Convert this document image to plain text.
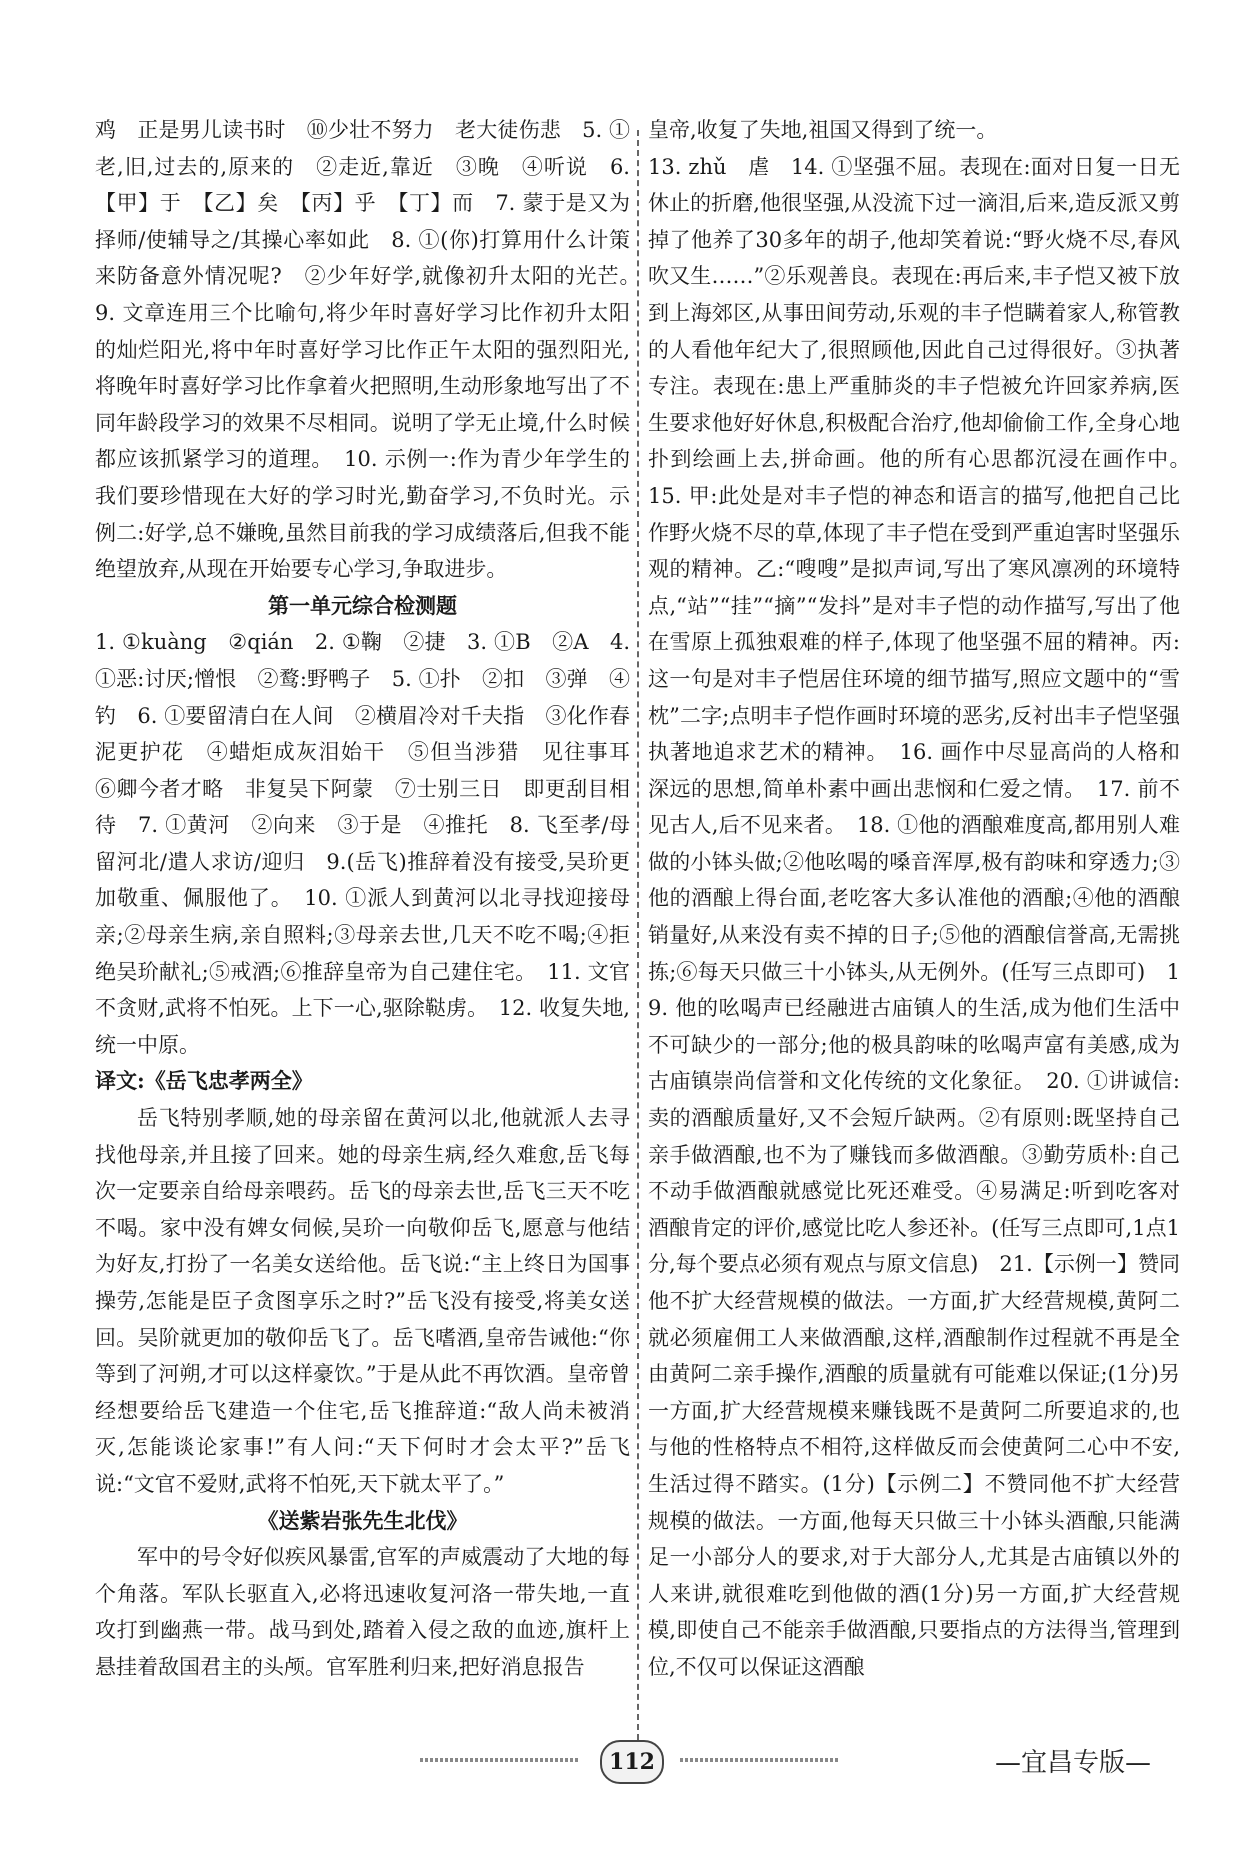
鸡　正是男儿读书时　⑩少壮不努力　老大徒伤悲　5. ①老,旧,过去的,原来的　②走近,靠近　③晚　④听说　6.【甲】于　【乙】矣　【丙】乎　【丁】而　7. 蒙于是又为择师/使辅导之/其操心率如此　8. ①(你)打算用什么计策来防备意外情况呢?　②少年好学,就像初升太阳的光芒。　9. 文章连用三个比喻句,将少年时喜好学习比作初升太阳的灿烂阳光,将中年时喜好学习比作正午太阳的强烈阳光,将晚年时喜好学习比作拿着火把照明,生动形象地写出了不同年龄段学习的效果不尽相同。说明了学无止境,什么时候都应该抓紧学习的道理。　10. 示例一:作为青少年学生的我们要珍惜现在大好的学习时光,勤奋学习,不负时光。示例二:好学,总不嫌晚,虽然目前我的学习成绩落后,但我不能绝望放弃,从现在开始要专心学习,争取进步。

第一单元综合检测题

1. ①kuàng　②qián　2. ①鞠　②捷　3. ①B　②A　4. ①恶:讨厌;憎恨　②鹜:野鸭子　5. ①扑　②扣　③弹　④钓　6. ①要留清白在人间　②横眉冷对千夫指　③化作春泥更护花　④蜡炬成灰泪始干　⑤但当涉猎　见往事耳　⑥卿今者才略　非复吴下阿蒙　⑦士别三日　即更刮目相待　7. ①黄河　②向来　③于是　④推托　8. 飞至孝/母留河北/遣人求访/迎归　9.(岳飞)推辞着没有接受,吴玠更加敬重、佩服他了。　10. ①派人到黄河以北寻找迎接母亲;②母亲生病,亲自照料;③母亲去世,几天不吃不喝;④拒绝吴玠献礼;⑤戒酒;⑥推辞皇帝为自己建住宅。　11. 文官不贪财,武将不怕死。上下一心,驱除鞑虏。　12. 收复失地,统一中原。

译文:《岳飞忠孝两全》

岳飞特别孝顺,她的母亲留在黄河以北,他就派人去寻找他母亲,并且接了回来。她的母亲生病,经久难愈,岳飞每次一定要亲自给母亲喂药。岳飞的母亲去世,岳飞三天不吃不喝。家中没有婢女伺候,吴玠一向敬仰岳飞,愿意与他结为好友,打扮了一名美女送给他。岳飞说:“主上终日为国事操劳,怎能是臣子贪图享乐之时?”岳飞没有接受,将美女送回。吴阶就更加的敬仰岳飞了。岳飞嗜酒,皇帝告诫他:“你等到了河朔,才可以这样豪饮。”于是从此不再饮酒。皇帝曾经想要给岳飞建造一个住宅,岳飞推辞道:“敌人尚未被消灭,怎能谈论家事!”有人问:“天下何时才会太平?”岳飞说:“文官不爱财,武将不怕死,天下就太平了。”

《送紫岩张先生北伐》

军中的号令好似疾风暴雷,官军的声威震动了大地的每个角落。军队长驱直入,必将迅速收复河洛一带失地,一直攻打到幽燕一带。战马到处,踏着入侵之敌的血迹,旗杆上悬挂着敌国君主的头颅。官军胜利归来,把好消息报告

皇帝,收复了失地,祖国又得到了统一。

13. zhǔ　虐　14. ①坚强不屈。表现在:面对日复一日无休止的折磨,他很坚强,从没流下过一滴泪,后来,造反派又剪掉了他养了30多年的胡子,他却笑着说:“野火烧不尽,春风吹又生……”②乐观善良。表现在:再后来,丰子恺又被下放到上海郊区,从事田间劳动,乐观的丰子恺瞒着家人,称管教的人看他年纪大了,很照顾他,因此自己过得很好。③执著专注。表现在:患上严重肺炎的丰子恺被允许回家养病,医生要求他好好休息,积极配合治疗,他却偷偷工作,全身心地扑到绘画上去,拼命画。他的所有心思都沉浸在画作中。　15. 甲:此处是对丰子恺的神态和语言的描写,他把自己比作野火烧不尽的草,体现了丰子恺在受到严重迫害时坚强乐观的精神。乙:“嗖嗖”是拟声词,写出了寒风凛冽的环境特点,“站”“挂”“摘”“发抖”是对丰子恺的动作描写,写出了他在雪原上孤独艰难的样子,体现了他坚强不屈的精神。丙:这一句是对丰子恺居住环境的细节描写,照应文题中的“雪枕”二字;点明丰子恺作画时环境的恶劣,反衬出丰子恺坚强执著地追求艺术的精神。　16. 画作中尽显高尚的人格和深远的思想,简单朴素中画出悲悯和仁爱之情。　17. 前不见古人,后不见来者。　18. ①他的酒酿难度高,都用别人难做的小钵头做;②他吆喝的嗓音浑厚,极有韵味和穿透力;③他的酒酿上得台面,老吃客大多认准他的酒酿;④他的酒酿销量好,从来没有卖不掉的日子;⑤他的酒酿信誉高,无需挑拣;⑥每天只做三十小钵头,从无例外。(任写三点即可)　19. 他的吆喝声已经融进古庙镇人的生活,成为他们生活中不可缺少的一部分;他的极具韵味的吆喝声富有美感,成为古庙镇崇尚信誉和文化传统的文化象征。　20. ①讲诚信:卖的酒酿质量好,又不会短斤缺两。②有原则:既坚持自己亲手做酒酿,也不为了赚钱而多做酒酿。③勤劳质朴:自己不动手做酒酿就感觉比死还难受。④易满足:听到吃客对酒酿肯定的评价,感觉比吃人参还补。(任写三点即可,1点1分,每个要点必须有观点与原文信息)　21.【示例一】赞同他不扩大经营规模的做法。一方面,扩大经营规模,黄阿二就必须雇佣工人来做酒酿,这样,酒酿制作过程就不再是全由黄阿二亲手操作,酒酿的质量就有可能难以保证;(1分)另一方面,扩大经营规模来赚钱既不是黄阿二所要追求的,也与他的性格特点不相符,这样做反而会使黄阿二心中不安,生活过得不踏实。(1分)【示例二】不赞同他不扩大经营规模的做法。一方面,他每天只做三十小钵头酒酿,只能满足一小部分人的要求,对于大部分人,尤其是古庙镇以外的人来讲,就很难吃到他做的酒(1分)另一方面,扩大经营规模,即使自己不能亲手做酒酿,只要指点的方法得当,管理到位,不仅可以保证这酒酿

112	—宜昌专版—
